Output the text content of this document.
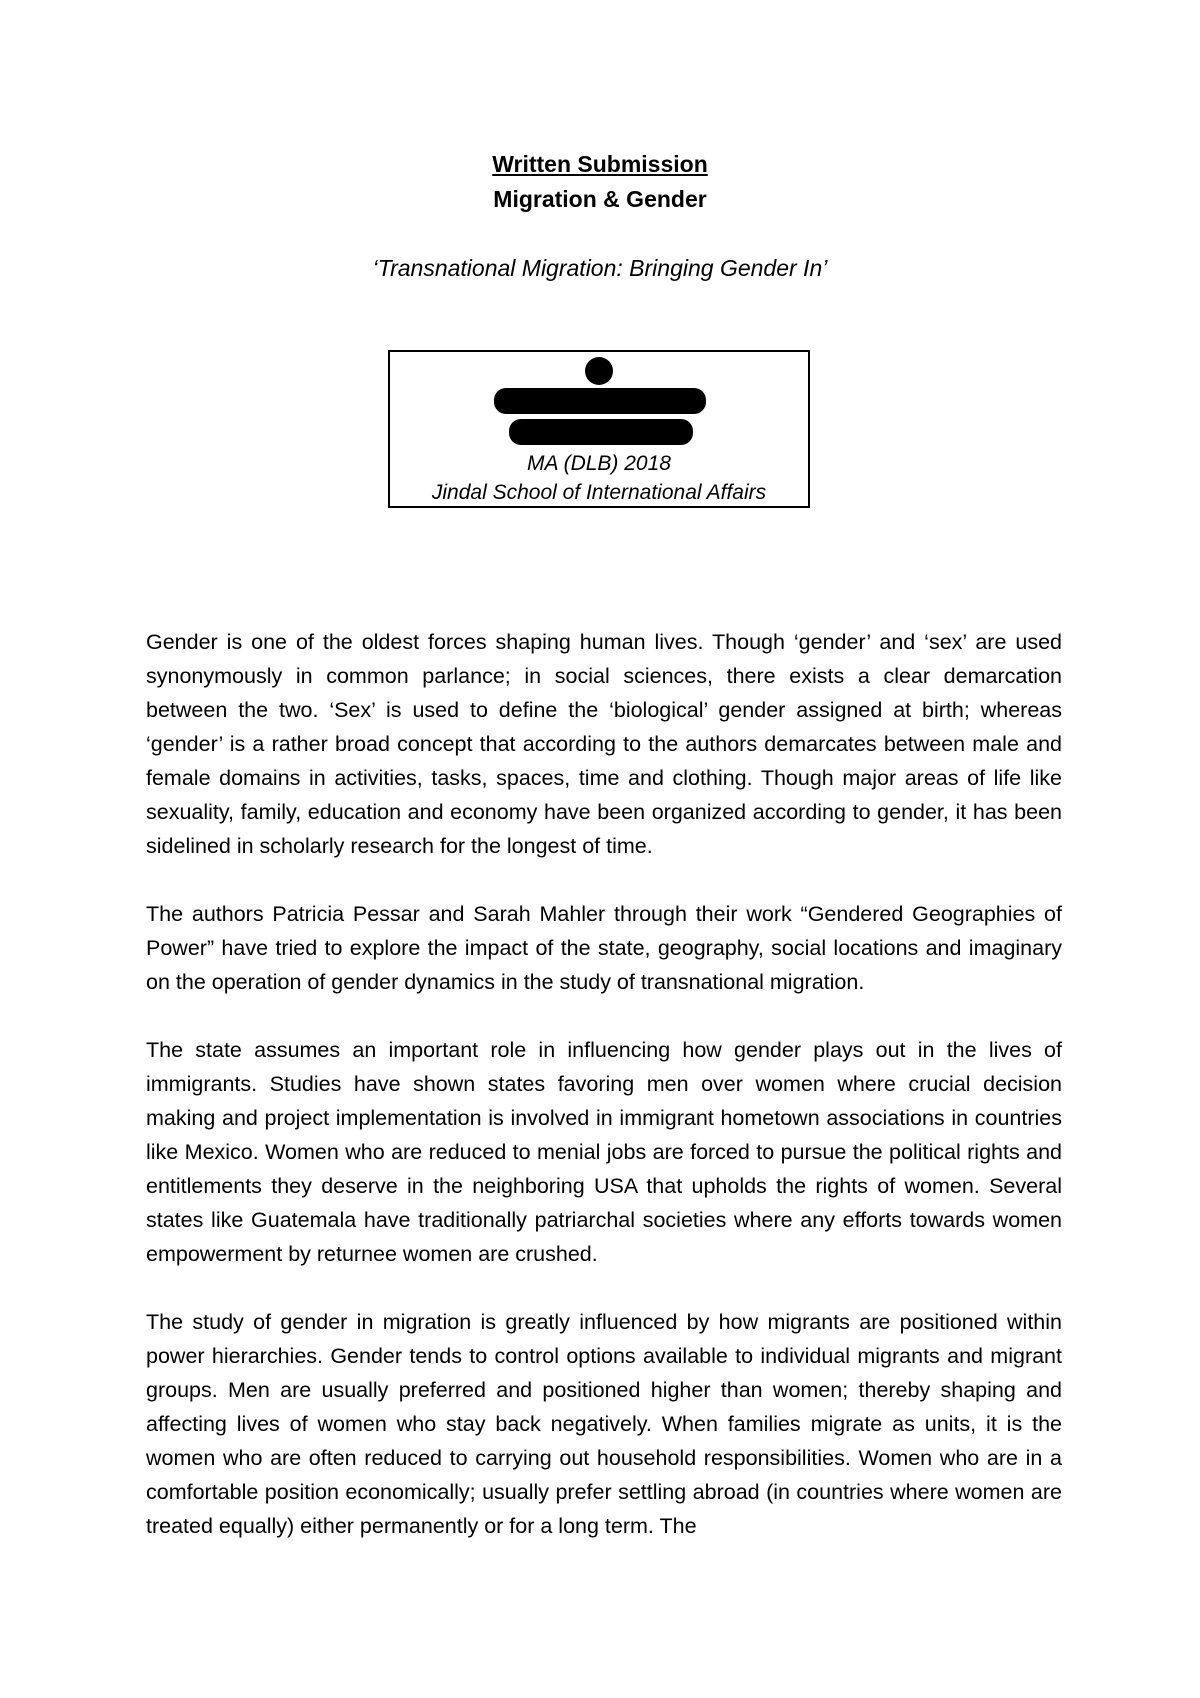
Written Submission
Migration & Gender
‘Transnational Migration: Bringing Gender In’
MA (DLB) 2018
Jindal School of International Affairs

Gender is one of the oldest forces shaping human lives. Though ‘gender’ and ‘sex’ are used synonymously in common parlance; in social sciences, there exists a clear demarcation between the two. ‘Sex’ is used to define the ‘biological’ gender assigned at birth; whereas ‘gender’ is a rather broad concept that according to the authors demarcates between male and female domains in activities, tasks, spaces, time and clothing. Though major areas of life like sexuality, family, education and economy have been organized according to gender, it has been sidelined in scholarly research for the longest of time.

The authors Patricia Pessar and Sarah Mahler through their work “Gendered Geographies of Power” have tried to explore the impact of the state, geography, social locations and imaginary on the operation of gender dynamics in the study of transnational migration.

The state assumes an important role in influencing how gender plays out in the lives of immigrants. Studies have shown states favoring men over women where crucial decision making and project implementation is involved in immigrant hometown associations in countries like Mexico. Women who are reduced to menial jobs are forced to pursue the political rights and entitlements they deserve in the neighboring USA that upholds the rights of women. Several states like Guatemala have traditionally patriarchal societies where any efforts towards women empowerment by returnee women are crushed.

The study of gender in migration is greatly influenced by how migrants are positioned within power hierarchies. Gender tends to control options available to individual migrants and migrant groups. Men are usually preferred and positioned higher than women; thereby shaping and affecting lives of women who stay back negatively. When families migrate as units, it is the women who are often reduced to carrying out household responsibilities. Women who are in a comfortable position economically; usually prefer settling abroad (in countries where women are treated equally) either permanently or for a long term. The
